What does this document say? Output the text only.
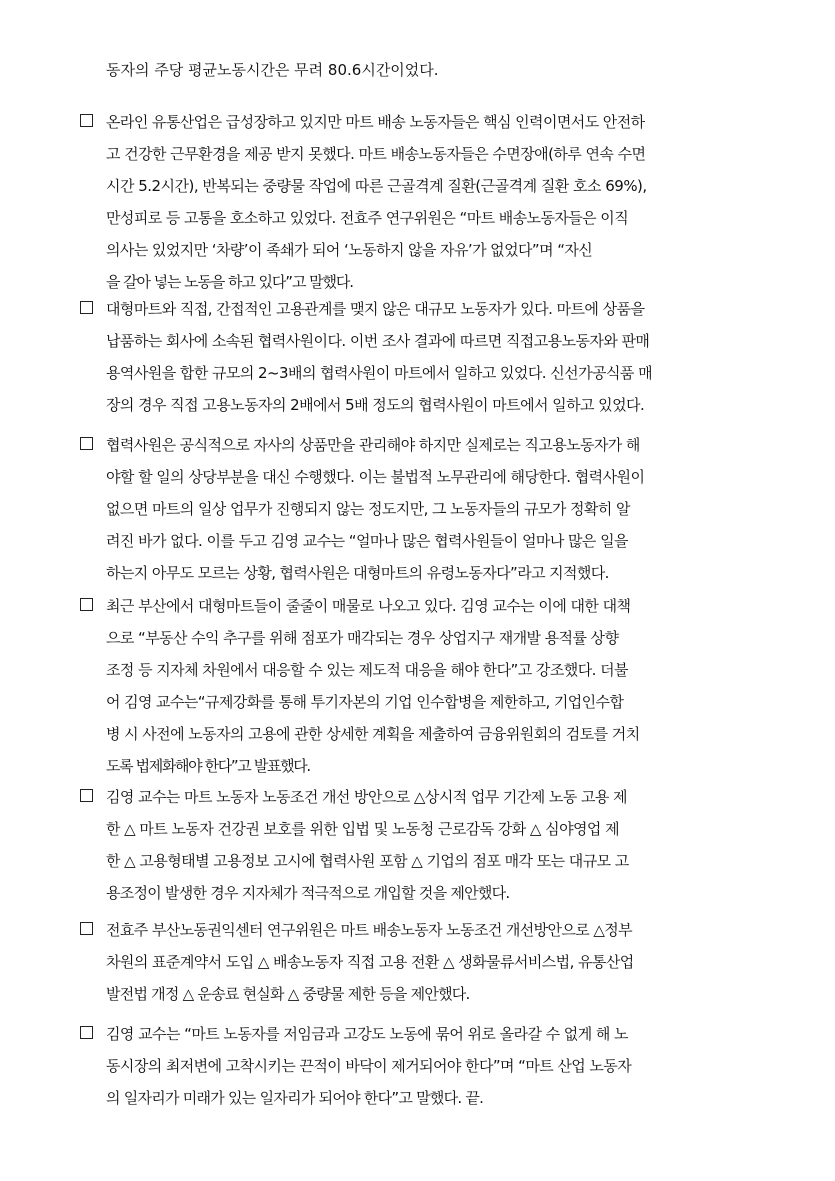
동자의 주당 평균노동시간은 무려 80.6시간이었다.
온라인 유통산업은 급성장하고 있지만 마트 배송 노동자들은 핵심 인력이면서도 안전하
고 건강한 근무환경을 제공 받지 못했다. 마트 배송노동자들은 수면장애(하루 연속 수면
시간 5.2시간), 반복되는 중량물 작업에 따른 근골격계 질환(근골격계 질환 호소 69%),
만성피로 등 고통을 호소하고 있었다. 전효주 연구위원은 “마트 배송노동자들은 이직
의사는 있었지만 ‘차량’이 족쇄가 되어 ‘노동하지 않을 자유’가 없었다”며 “자신
을 갈아 넣는 노동을 하고 있다”고 말했다.
대형마트와 직접, 간접적인 고용관계를 맺지 않은 대규모 노동자가 있다. 마트에 상품을
납품하는 회사에 소속된 협력사원이다. 이번 조사 결과에 따르면 직접고용노동자와 판매
용역사원을 합한 규모의 2~3배의 협력사원이 마트에서 일하고 있었다. 신선가공식품 매
장의 경우 직접 고용노동자의 2배에서 5배 정도의 협력사원이 마트에서 일하고 있었다.
협력사원은 공식적으로 자사의 상품만을 관리해야 하지만 실제로는 직고용노동자가 해
야할 할 일의 상당부분을 대신 수행했다. 이는 불법적 노무관리에 해당한다. 협력사원이
없으면 마트의 일상 업무가 진행되지 않는 정도지만, 그 노동자들의 규모가 정확히 알
려진 바가 없다. 이를 두고 김영 교수는 “얼마나 많은 협력사원들이 얼마나 많은 일을
하는지 아무도 모르는 상황, 협력사원은 대형마트의 유령노동자다”라고 지적했다.
최근 부산에서 대형마트들이 줄줄이 매물로 나오고 있다. 김영 교수는 이에 대한 대책
으로 “부동산 수익 추구를 위해 점포가 매각되는 경우 상업지구 재개발 용적률 상향
조정 등 지자체 차원에서 대응할 수 있는 제도적 대응을 해야 한다”고 강조했다. 더불
어 김영 교수는“규제강화를 통해 투기자본의 기업 인수합병을 제한하고, 기업인수합
병 시 사전에 노동자의 고용에 관한 상세한 계획을 제출하여 금융위원회의 검토를 거치
도록 법제화해야 한다”고 발표했다.
김영 교수는 마트 노동자 노동조건 개선 방안으로 △상시적 업무 기간제 노동 고용 제
한 △ 마트 노동자 건강권 보호를 위한 입법 및 노동청 근로감독 강화 △ 심야영업 제
한 △ 고용형태별 고용정보 고시에 협력사원 포함 △ 기업의 점포 매각 또는 대규모 고
용조정이 발생한 경우 지자체가 적극적으로 개입할 것을 제안했다.
전효주 부산노동권익센터 연구위원은 마트 배송노동자 노동조건 개선방안으로 △정부
차원의 표준계약서 도입 △ 배송노동자 직접 고용 전환 △ 생화물류서비스법, 유통산업
발전법 개정 △ 운송료 현실화 △ 중량물 제한 등을 제안했다.
김영 교수는 “마트 노동자를 저임금과 고강도 노동에 묶어 위로 올라갈 수 없게 해 노
동시장의 최저변에 고착시키는 끈적이 바닥이 제거되어야 한다”며 “마트 산업 노동자
의 일자리가 미래가 있는 일자리가 되어야 한다”고 말했다. 끝.
